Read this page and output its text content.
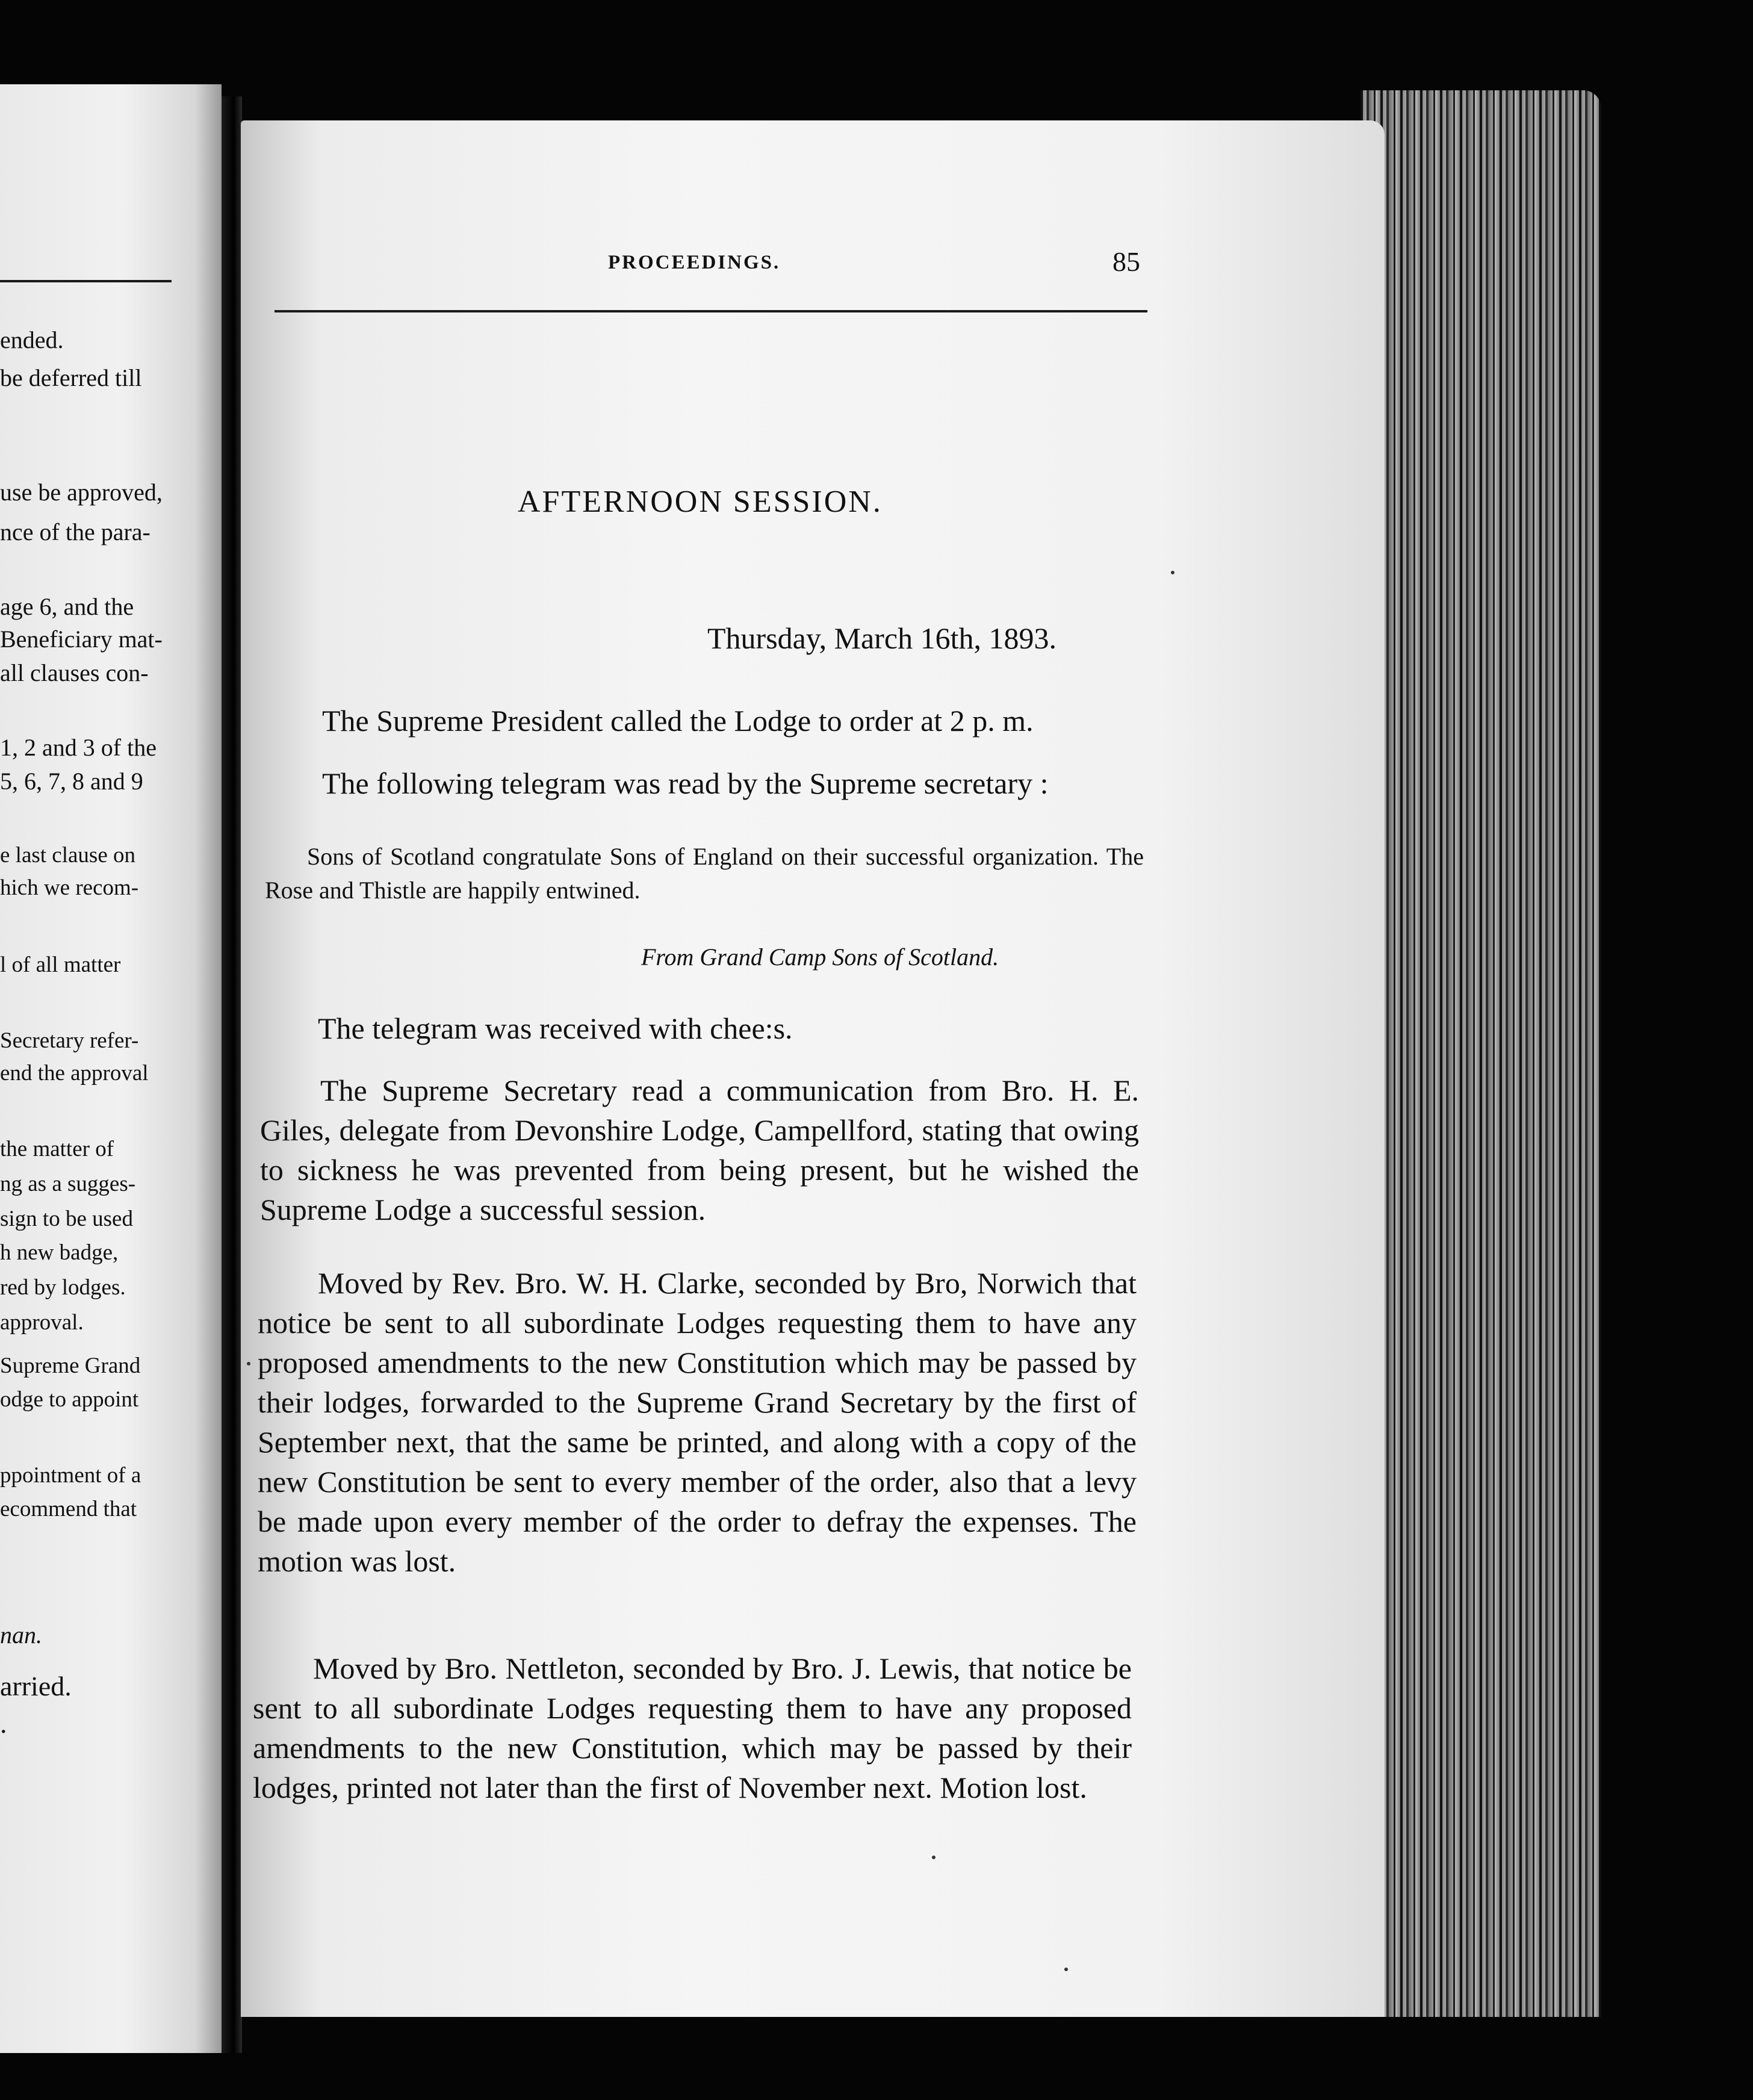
ended.
be deferred till
use be approved,
nce of the para-
age 6, and the
Beneficiary mat-
all clauses con-
1, 2 and 3 of the
5, 6, 7, 8 and 9
e last clause on
hich we recom-
l of all matter
Secretary refer-
end the approval
the matter of
ng as a sugges-
sign to be used
h new badge,
red by lodges.
approval.
Supreme Grand
odge to appoint
ppointment of a
ecommend that
nan.
arried.
.
PROCEEDINGS.	85
AFTERNOON SESSION.
Thursday, March 16th, 1893.
The Supreme President called the Lodge to order at 2 p. m.
The following telegram was read by the Supreme secretary :
Sons of Scotland congratulate Sons of England on their successful organization. The Rose and Thistle are happily entwined.
From Grand Camp Sons of Scotland.
The telegram was received with chee:s.

The Supreme Secretary read a communication from Bro. H. E. Giles, delegate from Devonshire Lodge, Campellford, stating that owing to sickness he was prevented from being present, but he wished the Supreme Lodge a successful session.

Moved by Rev. Bro. W. H. Clarke, seconded by Bro, Norwich that notice be sent to all subordinate Lodges requesting them to have any proposed amendments to the new Constitution which may be passed by their lodges, forwarded to the Supreme Grand Secretary by the first of September next, that the same be printed, and along with a copy of the new Constitution be sent to every member of the order, also that a levy be made upon every member of the order to defray the expenses. The motion was lost.

Moved by Bro. Nettleton, seconded by Bro. J. Lewis, that notice be sent to all subordinate Lodges requesting them to have any proposed amendments to the new Constitution, which may be passed by their lodges, printed not later than the first of November next. Motion lost.
